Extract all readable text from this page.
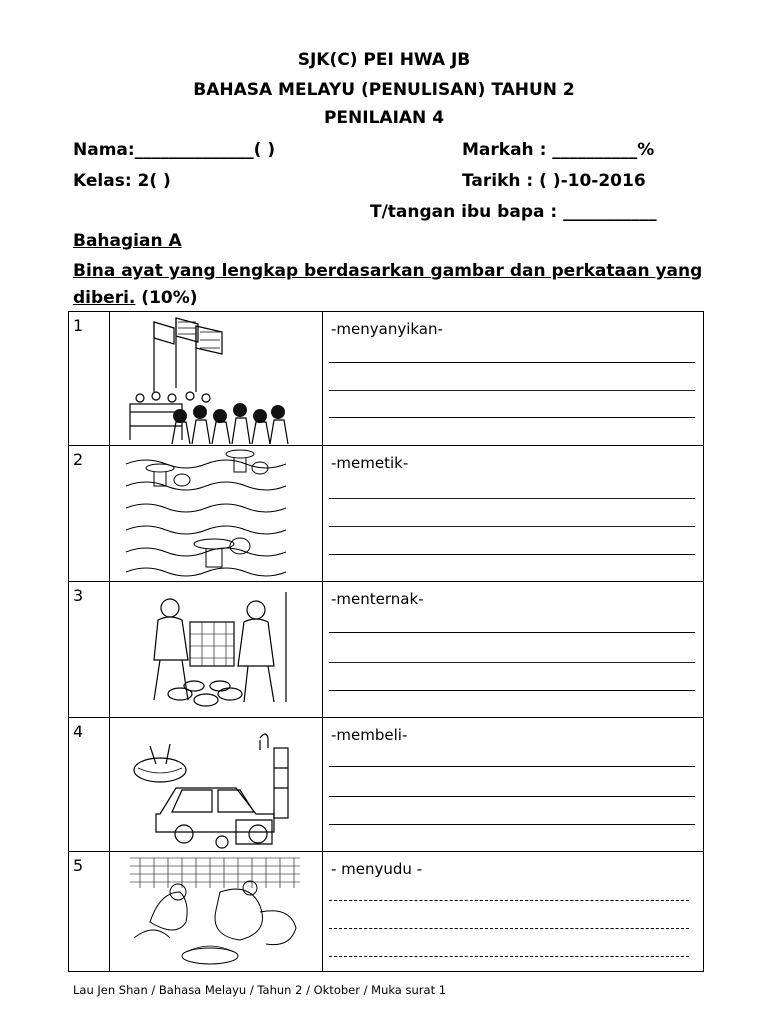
SJK(C) PEI HWA JB
BAHASA MELAYU (PENULISAN) TAHUN 2
PENILAIAN 4
Nama:______________( )	Markah : __________%
Kelas: 2( )	Tarikh : ( )-10-2016
T/tangan ibu bapa : ___________
Bahagian A
Bina ayat yang lengkap berdasarkan gambar dan perkataan yang
diberi. (10%)
1		-menyanyikan-

2		-memetik-

3		-menternak-

4		-membeli-

5		- menyudu -
Lau Jen Shan / Bahasa Melayu / Tahun 2 / Oktober / Muka surat 1
